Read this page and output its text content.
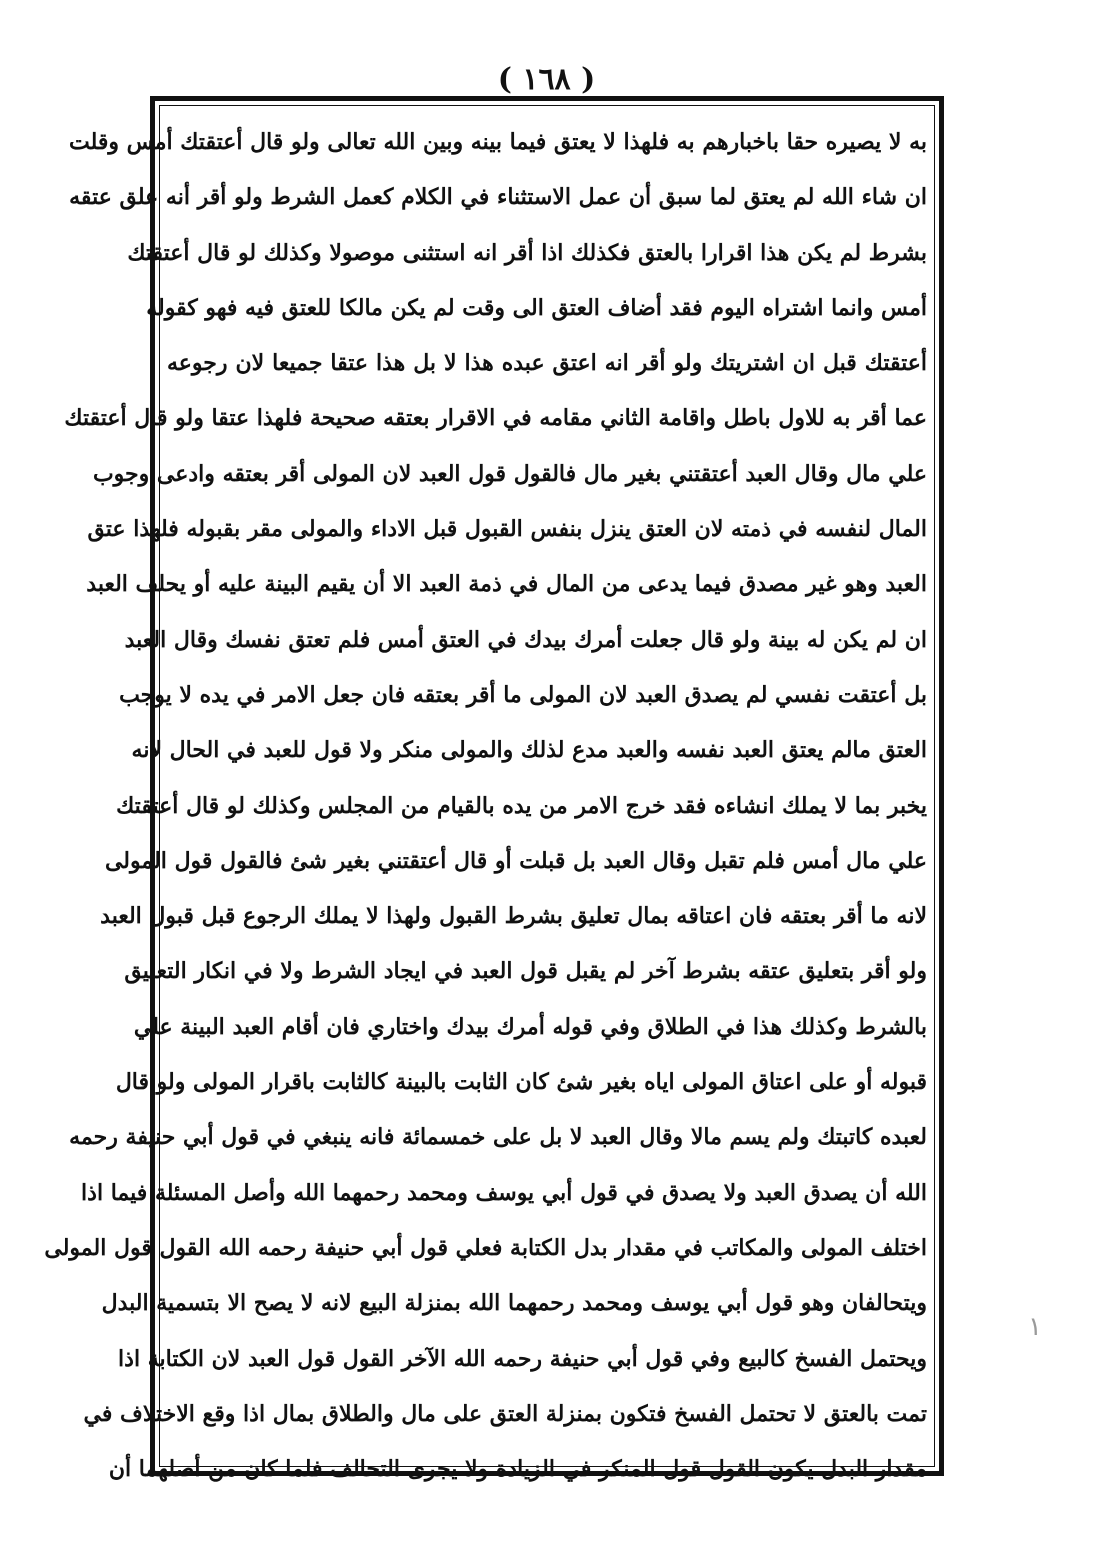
( ١٦٨ )
به لا يصيره حقا باخبارهم به فلهذا لا يعتق فيما بينه وبين الله تعالى ولو قال أعتقتك أمس وقلت
ان شاء الله لم يعتق لما سبق أن عمل الاستثناء في الكلام كعمل الشرط ولو أقر أنه علق عتقه
بشرط لم يكن هذا اقرارا بالعتق فكذلك اذا أقر انه استثنى موصولا وكذلك لو قال أعتقتك
أمس وانما اشتراه اليوم فقد أضاف العتق الى وقت لم يكن مالكا للعتق فيه فهو كقوله
أعتقتك قبل ان اشتريتك ولو أقر انه اعتق عبده هذا لا بل هذا عتقا جميعا لان رجوعه
عما أقر به للاول باطل واقامة الثاني مقامه في الاقرار بعتقه صحيحة فلهذا عتقا ولو قال أعتقتك
علي مال وقال العبد أعتقتني بغير مال فالقول قول العبد لان المولى أقر بعتقه وادعى وجوب
المال لنفسه في ذمته لان العتق ينزل بنفس القبول قبل الاداء والمولى مقر بقبوله فلهذا عتق
العبد وهو غير مصدق فيما يدعى من المال في ذمة العبد الا أن يقيم البينة عليه أو يحلف العبد
ان لم يكن له بينة ولو قال جعلت أمرك بيدك في العتق أمس فلم تعتق نفسك وقال العبد
بل أعتقت نفسي لم يصدق العبد لان المولى ما أقر بعتقه فان جعل الامر في يده لا يوجب
العتق مالم يعتق العبد نفسه والعبد مدع لذلك والمولى منكر ولا قول للعبد في الحال لانه
يخبر بما لا يملك انشاءه فقد خرج الامر من يده بالقيام من المجلس وكذلك لو قال أعتقتك
علي مال أمس فلم تقبل وقال العبد بل قبلت أو قال أعتقتني بغير شئ فالقول قول المولى
لانه ما أقر بعتقه فان اعتاقه بمال تعليق بشرط القبول ولهذا لا يملك الرجوع قبل قبول العبد
ولو أقر بتعليق عتقه بشرط آخر لم يقبل قول العبد في ايجاد الشرط ولا في انكار التعليق
بالشرط وكذلك هذا في الطلاق وفي قوله أمرك بيدك واختاري فان أقام العبد البينة علي
قبوله أو على اعتاق المولى اياه بغير شئ كان الثابت بالبينة كالثابت باقرار المولى ولو قال
لعبده كاتبتك ولم يسم مالا وقال العبد لا بل على خمسمائة فانه ينبغي في قول أبي حنيفة رحمه
الله أن يصدق العبد ولا يصدق في قول أبي يوسف ومحمد رحمهما الله وأصل المسئلة فيما اذا
اختلف المولى والمكاتب في مقدار بدل الكتابة فعلي قول أبي حنيفة رحمه الله القول قول المولى
ويتحالفان وهو قول أبي يوسف ومحمد رحمهما الله بمنزلة البيع لانه لا يصح الا بتسمية البدل
ويحتمل الفسخ كالبيع وفي قول أبي حنيفة رحمه الله الآخر القول قول العبد لان الكتابة اذا
تمت بالعتق لا تحتمل الفسخ فتكون بمنزلة العتق على مال والطلاق بمال اذا وقع الاختلاف في
مقدار البدل يكون القول قول المنكر في الزيادة ولا يجرى التحالف فلما كان من أصلهما أن
١
